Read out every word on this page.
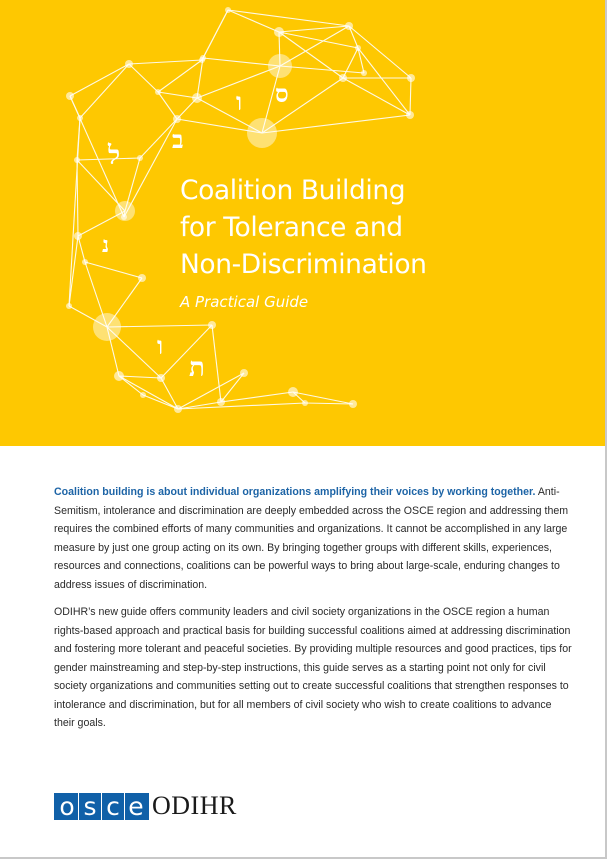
ס
ו
ב
ל
נ
ו
ת
Coalition Building
for Tolerance and
Non-Discrimination
A Practical Guide

Coalition building is about individual organizations amplifying their voices by working together. Anti-Semitism, intolerance and discrimination are deeply embedded across the OSCE region and addressing them requires the combined efforts of many communities and organizations. It cannot be accomplished in any large measure by just one group acting on its own. By bringing together groups with different skills, experiences, resources and connections, coalitions can be powerful ways to bring about large-scale, enduring changes to address issues of discrimination.

ODIHR’s new guide offers community leaders and civil society organizations in the OSCE region a human rights-based approach and practical basis for building successful coalitions aimed at addressing discrimination and fostering more tolerant and peaceful societies. By providing multiple resources and good practices, tips for gender mainstreaming and step-by-step instructions, this guide serves as a starting point not only for civil society organizations and communities setting out to create successful coalitions that strengthen responses to intolerance and discrimination, but for all members of civil society who wish to create coalitions to advance their goals.

o s c e ODIHR
